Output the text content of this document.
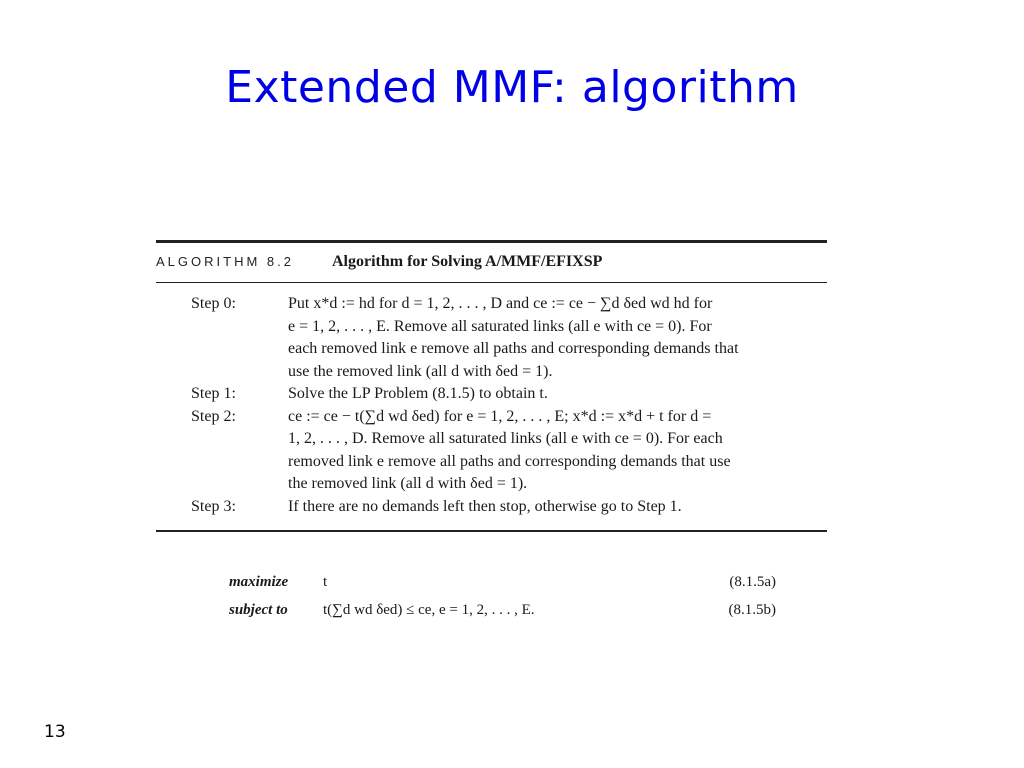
Extended MMF: algorithm
ALGORITHM 8.2	Algorithm for Solving A/MMF/EFIXSP
Step 0:	Put x*d := hd for d = 1, 2, . . . , D and ce := ce − ∑d δed wd hd for
e = 1, 2, . . . , E. Remove all saturated links (all e with ce = 0). For
each removed link e remove all paths and corresponding demands that
use the removed link (all d with δed = 1).
Step 1:	Solve the LP Problem (8.1.5) to obtain t.
Step 2:	ce := ce − t(∑d wd δed) for e = 1, 2, . . . , E; x*d := x*d + t for d =
1, 2, . . . , D. Remove all saturated links (all e with ce = 0). For each
removed link e remove all paths and corresponding demands that use
the removed link (all d with δed = 1).
Step 3:	If there are no demands left then stop, otherwise go to Step 1.
maximize t	(8.1.5a)
subject to t(∑d wd δed) ≤ ce, e = 1, 2, . . . , E.	(8.1.5b)
13
